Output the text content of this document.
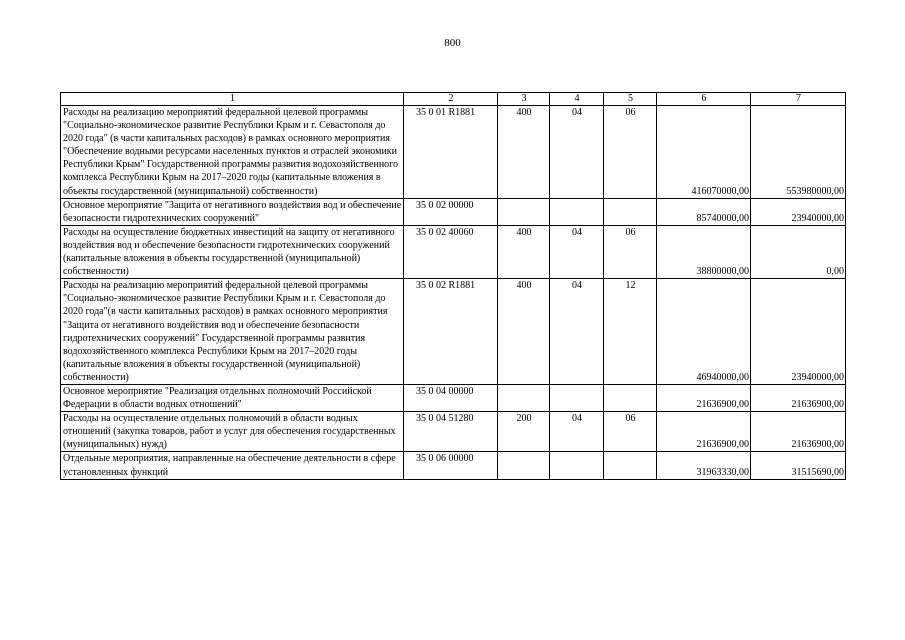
800
1	2	3	4	5	6	7
Расходы на реализацию мероприятий федеральной целевой программы "Социально-экономическое развитие Республики Крым и г. Севастополя до 2020 года" (в части капитальных расходов) в рамках основного мероприятия "Обеспечение водными ресурсами населенных пунктов и отраслей экономики Республики Крым" Государственной программы развития водохозяйственного комплекса Республики Крым на 2017–2020 годы (капитальные вложения в объекты государственной (муниципальной) собственности)	35 0 01 R1881	400	04	06	416070000,00	553980000,00
Основное мероприятие "Защита от негативного воздействия вод и обеспечение безопасности гидротехнических сооружений"	35 0 02 00000				85740000,00	23940000,00
Расходы на осуществление бюджетных инвестиций на защиту от негативного воздействия вод и обеспечение безопасности гидротехнических сооружений (капитальные вложения в объекты государственной (муниципальной) собственности)	35 0 02 40060	400	04	06	38800000,00	0,00
Расходы на реализацию мероприятий федеральной целевой программы "Социально-экономическое развитие Республики Крым и г. Севастополя до 2020 года"(в части капитальных расходов) в рамках основного мероприятия "Защита от негативного воздействия вод и обеспечение безопасности гидротехнических сооружений" Государственной программы развития водохозяйственного комплекса Республики Крым на 2017–2020 годы (капитальные вложения в объекты государственной (муниципальной) собственности)	35 0 02 R1881	400	04	12	46940000,00	23940000,00
Основное мероприятие "Реализация отдельных полномочий Российской Федерации в области водных отношений"	35 0 04 00000				21636900,00	21636900,00
Расходы на осуществление отдельных полномочий в области водных отношений (закупка товаров, работ и услуг для обеспечения государственных (муниципальных) нужд)	35 0 04 51280	200	04	06	21636900,00	21636900,00
Отдельные мероприятия, направленные на обеспечение деятельности в сфере установленных функций	35 0 06 00000				31963330,00	31515690,00
